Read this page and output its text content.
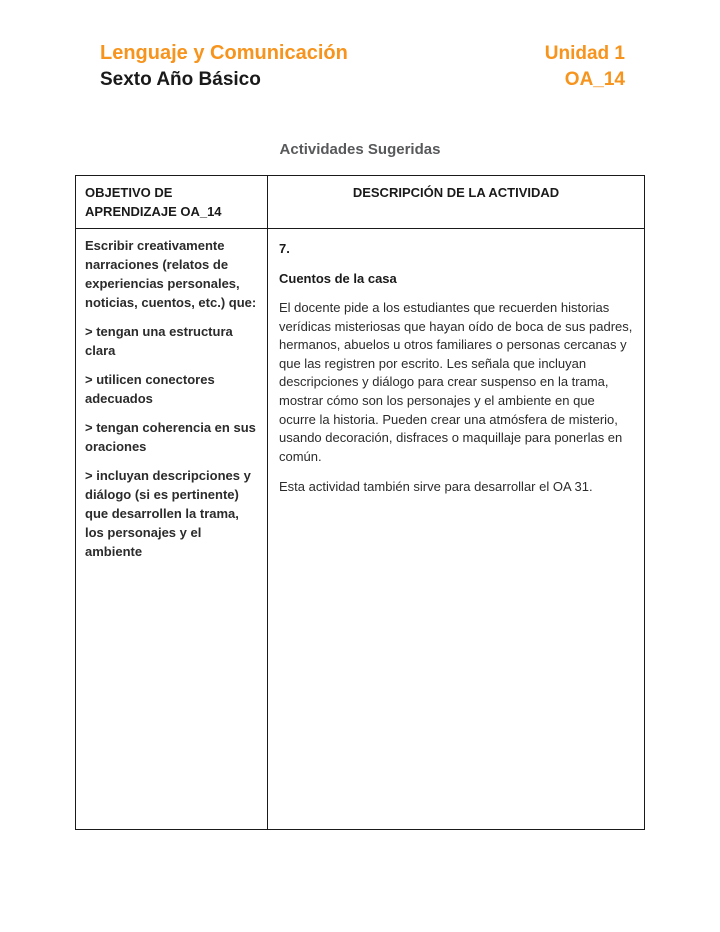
Lenguaje y Comunicación	Unidad 1
Sexto Año Básico	OA_14
Actividades Sugeridas
OBJETIVO DE APRENDIZAJE OA_14
DESCRIPCIÓN DE LA ACTIVIDAD

Escribir creativamente narraciones (relatos de experiencias personales, noticias, cuentos, etc.) que:

> tengan una estructura clara

> utilicen conectores adecuados

> tengan coherencia en sus oraciones

> incluyan descripciones y diálogo (si es pertinente) que desarrollen la trama, los personajes y el ambiente

7.
Cuentos de la casa
El docente pide a los estudiantes que recuerden historias verídicas misteriosas que hayan oído de boca de sus padres, hermanos, abuelos u otros familiares o personas cercanas y que las registren por escrito. Les señala que incluyan descripciones y diálogo para crear suspenso en la trama, mostrar cómo son los personajes y el ambiente en que ocurre la historia. Pueden crear una atmósfera de misterio, usando decoración, disfraces o maquillaje para ponerlas en común.
Esta actividad también sirve para desarrollar el OA 31.
